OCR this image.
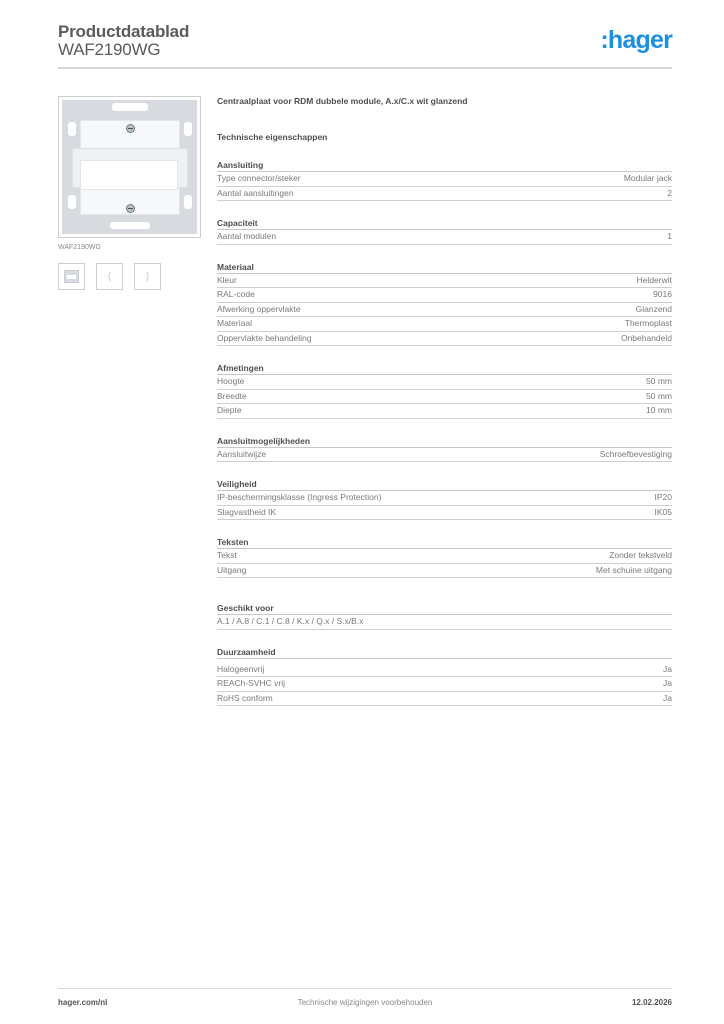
Productdatablad
WAF2190WG	:hager
WAF2190WG
⟨	⟩
Centraalplaat voor RDM dubbele module, A.x/C.x wit glanzend
Technische eigenschappen
Aansluiting
Type connector/steker	Modular jack
Aantal aansluitingen	2
Capaciteit
Aantal modulen	1
Materiaal
Kleur	Helderwit
RAL-code	9016
Afwerking oppervlakte	Glanzend
Materiaal	Thermoplast
Oppervlakte behandeling	Onbehandeld
Afmetingen
Hoogte	50 mm
Breedte	50 mm
Diepte	10 mm
Aansluitmogelijkheden
Aansluitwijze	Schroefbevestiging
Veiligheid
IP-beschermingsklasse (Ingress Protection)	IP20
Slagvastheid IK	IK05
Teksten
Tekst	Zonder tekstveld
Uitgang	Met schuine uitgang
Geschikt voor
A.1 / A.8 / C.1 / C.8 / K.x / Q.x / S.x/B.x
Duurzaamheid
Halogeenvrij	Ja
REACh-SVHC vrij	Ja
RoHS conform	Ja
hager.com/nl	Technische wijzigingen voorbehouden	12.02.2026
